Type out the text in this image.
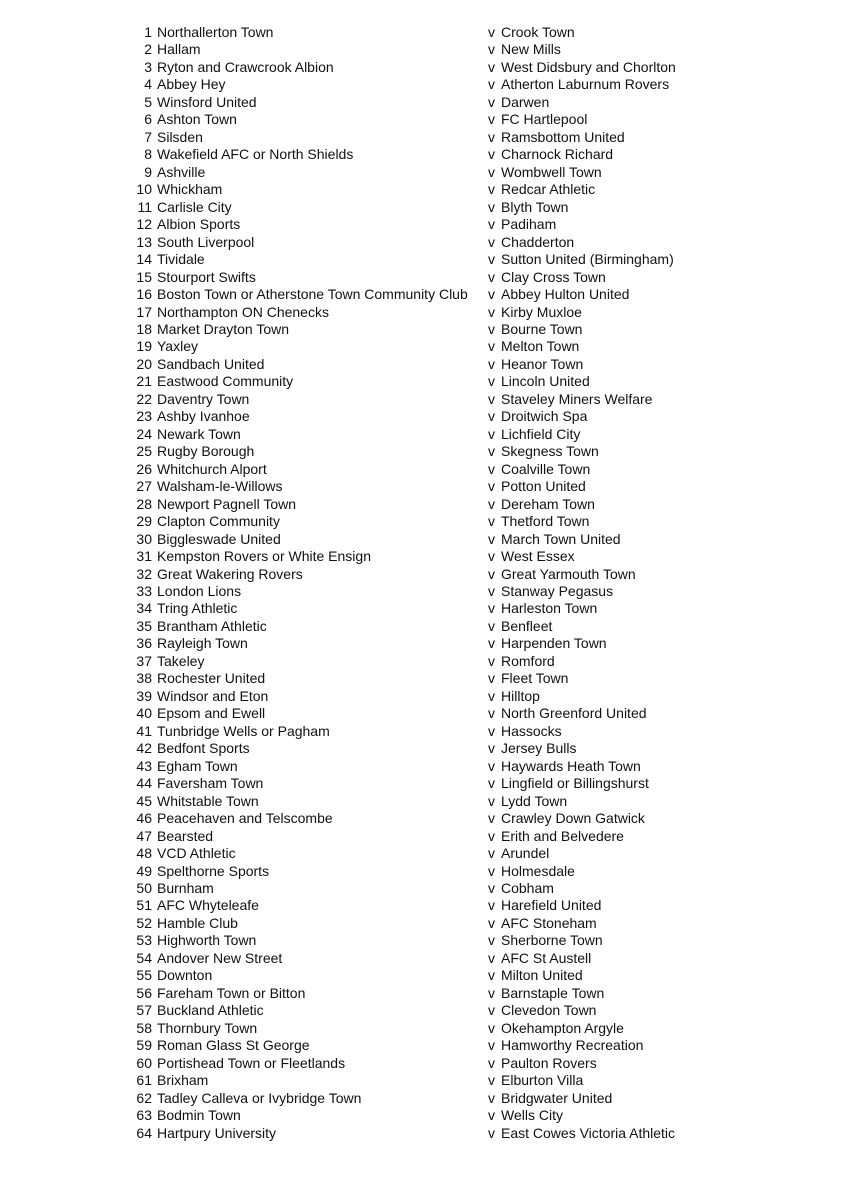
1 Northallerton Town	v Crook Town
2 Hallam	v New Mills
3 Ryton and Crawcrook Albion	v West Didsbury and Chorlton
4 Abbey Hey	v Atherton Laburnum Rovers
5 Winsford United	v Darwen
6 Ashton Town	v FC Hartlepool
7 Silsden	v Ramsbottom United
8 Wakefield AFC or North Shields	v Charnock Richard
9 Ashville	v Wombwell Town
10 Whickham	v Redcar Athletic
11 Carlisle City	v Blyth Town
12 Albion Sports	v Padiham
13 South Liverpool	v Chadderton
14 Tividale	v Sutton United (Birmingham)
15 Stourport Swifts	v Clay Cross Town
16 Boston Town or Atherstone Town Community Club v Abbey Hulton United
17 Northampton ON Chenecks	v Kirby Muxloe
18 Market Drayton Town	v Bourne Town
19 Yaxley	v Melton Town
20 Sandbach United	v Heanor Town
21 Eastwood Community	v Lincoln United
22 Daventry Town	v Staveley Miners Welfare
23 Ashby Ivanhoe	v Droitwich Spa
24 Newark Town	v Lichfield City
25 Rugby Borough	v Skegness Town
26 Whitchurch Alport	v Coalville Town
27 Walsham-le-Willows	v Potton United
28 Newport Pagnell Town	v Dereham Town
29 Clapton Community	v Thetford Town
30 Biggleswade United	v March Town United
31 Kempston Rovers or White Ensign	v West Essex
32 Great Wakering Rovers	v Great Yarmouth Town
33 London Lions	v Stanway Pegasus
34 Tring Athletic	v Harleston Town
35 Brantham Athletic	v Benfleet
36 Rayleigh Town	v Harpenden Town
37 Takeley	v Romford
38 Rochester United	v Fleet Town
39 Windsor and Eton	v Hilltop
40 Epsom and Ewell	v North Greenford United
41 Tunbridge Wells or Pagham	v Hassocks
42 Bedfont Sports	v Jersey Bulls
43 Egham Town	v Haywards Heath Town
44 Faversham Town	v Lingfield or Billingshurst
45 Whitstable Town	v Lydd Town
46 Peacehaven and Telscombe	v Crawley Down Gatwick
47 Bearsted	v Erith and Belvedere
48 VCD Athletic	v Arundel
49 Spelthorne Sports	v Holmesdale
50 Burnham	v Cobham
51 AFC Whyteleafe	v Harefield United
52 Hamble Club	v AFC Stoneham
53 Highworth Town	v Sherborne Town
54 Andover New Street	v AFC St Austell
55 Downton	v Milton United
56 Fareham Town or Bitton	v Barnstaple Town
57 Buckland Athletic	v Clevedon Town
58 Thornbury Town	v Okehampton Argyle
59 Roman Glass St George	v Hamworthy Recreation
60 Portishead Town or Fleetlands	v Paulton Rovers
61 Brixham	v Elburton Villa
62 Tadley Calleva or Ivybridge Town	v Bridgwater United
63 Bodmin Town	v Wells City
64 Hartpury University	v East Cowes Victoria Athletic
